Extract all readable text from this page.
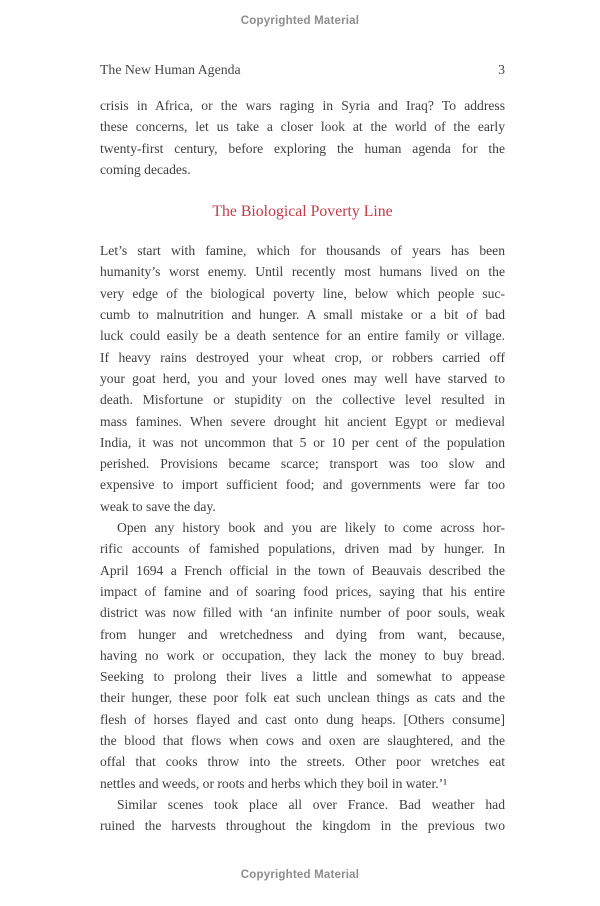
Copyrighted Material
The New Human Agenda	3
crisis in Africa, or the wars raging in Syria and Iraq? To address
these concerns, let us take a closer look at the world of the early
twenty-first century, before exploring the human agenda for the
coming decades.
The Biological Poverty Line
Let’s start with famine, which for thousands of years has been
humanity’s worst enemy. Until recently most humans lived on the
very edge of the biological poverty line, below which people suc-
cumb to malnutrition and hunger. A small mistake or a bit of bad
luck could easily be a death sentence for an entire family or village.
If heavy rains destroyed your wheat crop, or robbers carried off
your goat herd, you and your loved ones may well have starved to
death. Misfortune or stupidity on the collective level resulted in
mass famines. When severe drought hit ancient Egypt or medieval
India, it was not uncommon that 5 or 10 per cent of the population
perished. Provisions became scarce; transport was too slow and
expensive to import sufficient food; and governments were far too
weak to save the day.
Open any history book and you are likely to come across hor-
rific accounts of famished populations, driven mad by hunger. In
April 1694 a French official in the town of Beauvais described the
impact of famine and of soaring food prices, saying that his entire
district was now filled with ‘an infinite number of poor souls, weak
from hunger and wretchedness and dying from want, because,
having no work or occupation, they lack the money to buy bread.
Seeking to prolong their lives a little and somewhat to appease
their hunger, these poor folk eat such unclean things as cats and the
flesh of horses flayed and cast onto dung heaps. [Others consume]
the blood that flows when cows and oxen are slaughtered, and the
offal that cooks throw into the streets. Other poor wretches eat
nettles and weeds, or roots and herbs which they boil in water.’¹
Similar scenes took place all over France. Bad weather had
ruined the harvests throughout the kingdom in the previous two
Copyrighted Material
